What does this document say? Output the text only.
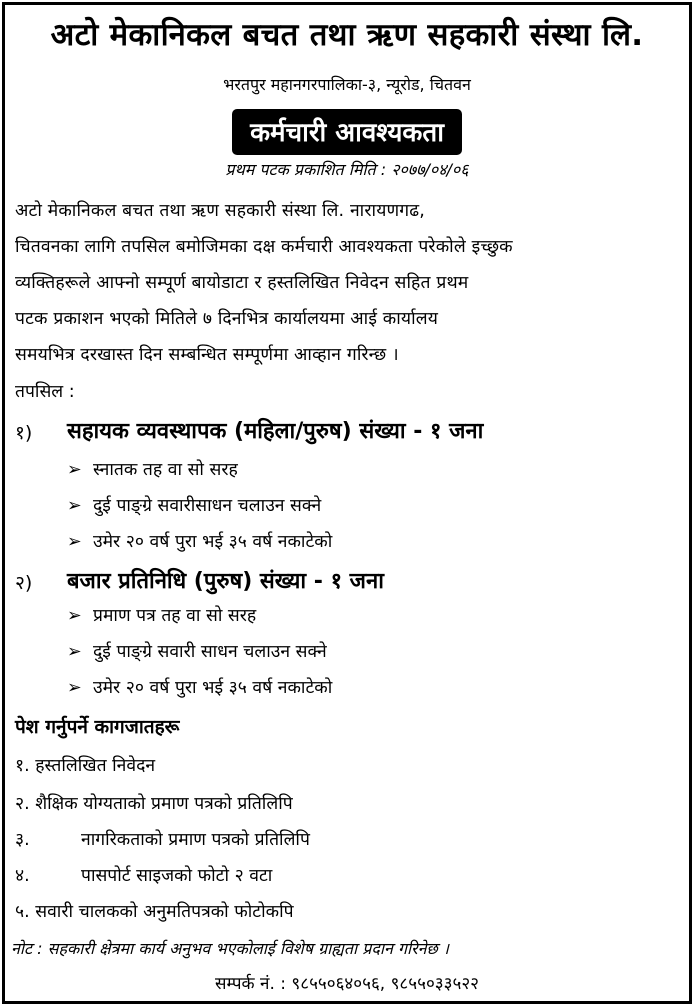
अटो मेकानिकल बचत तथा ऋण सहकारी संस्था लि.
भरतपुर महानगरपालिका-३, न्यूरोड, चितवन
कर्मचारी आवश्यकता
प्रथम पटक प्रकाशित मिति : २०७७/०४/०६
अटो मेकानिकल बचत तथा ऋण सहकारी संस्था लि. नारायणगढ,
चितवनका लागि तपसिल बमोजिमका दक्ष कर्मचारी आवश्यकता परेकोले इच्छुक
व्यक्तिहरूले आफ्नो सम्पूर्ण बायोडाटा र हस्तलिखित निवेदन सहित प्रथम
पटक प्रकाशन भएको मितिले ७ दिनभित्र कार्यालयमा आई कार्यालय
समयभित्र दरखास्त दिन सम्बन्धित सम्पूर्णमा आव्हान गरिन्छ ।
तपसिल :
१) सहायक व्यवस्थापक (महिला/पुरुष) संख्या - १ जना
➢ स्नातक तह वा सो सरह
➢ दुई पाङ्ग्रे सवारीसाधन चलाउन सक्ने
➢ उमेर २० वर्ष पुरा भई ३५ वर्ष नकाटेको
२) बजार प्रतिनिधि (पुरुष) संख्या - १ जना
➢ प्रमाण पत्र तह वा सो सरह
➢ दुई पाङ्ग्रे सवारी साधन चलाउन सक्ने
➢ उमेर २० वर्ष पुरा भई ३५ वर्ष नकाटेको
पेश गर्नुपर्ने कागजातहरू
१. हस्तलिखित निवेदन
२. शैक्षिक योग्यताको प्रमाण पत्रको प्रतिलिपि
३.	नागरिकताको प्रमाण पत्रको प्रतिलिपि
४.	पासपोर्ट साइजको फोटो २ वटा
५. सवारी चालकको अनुमतिपत्रको फोटोकपि
नोट : सहकारी क्षेत्रमा कार्य अनुभव भएकोलाई विशेष ग्राह्यता प्रदान गरिनेछ ।
सम्पर्क नं. : ९८५५०६४०५६, ९८५५०३३५२२
